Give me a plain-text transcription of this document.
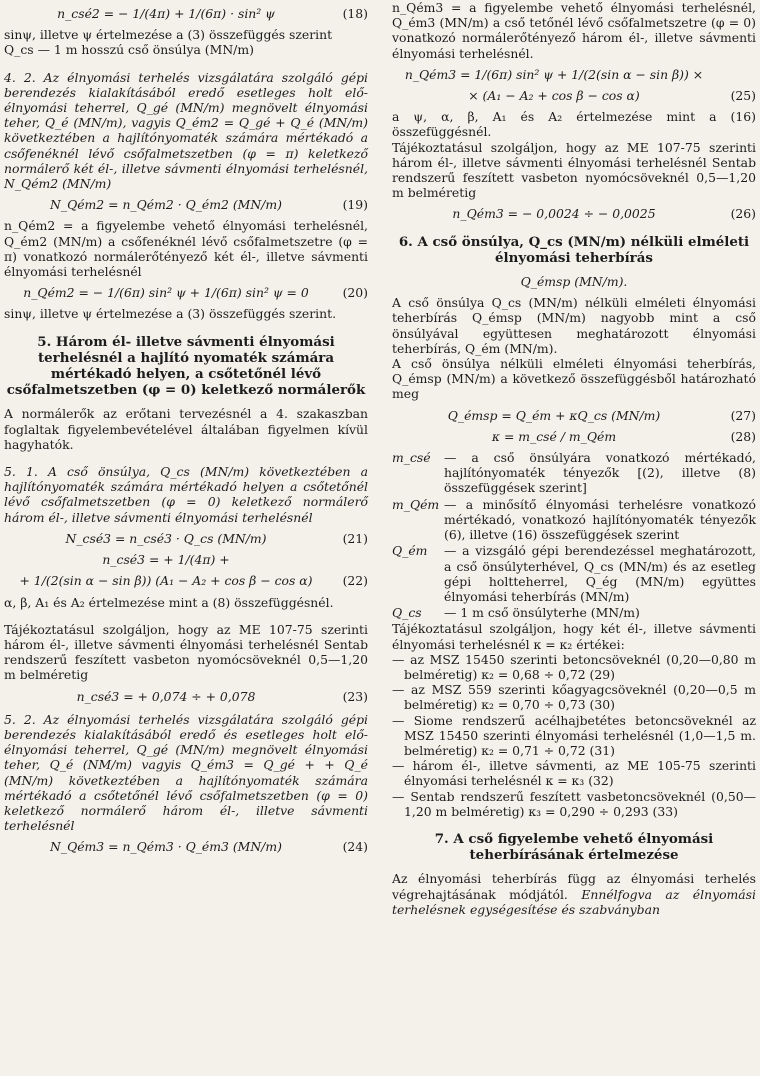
n_csé2 = − 1/(4π) + 1/(6π) · sin² ψ	(18)

sinψ, illetve ψ értelmezése a (3) összefüggés szerint

Q_cs — 1 m hosszú cső önsúlya (MN/m)

4. 2. Az élnyomási terhelés vizsgálatára szolgáló gépi berendezés kialakításából eredő esetleges holt elő-élnyomási teherrel, Q_gé (MN/m) megnövelt élnyomási teher, Q_é (MN/m), vagyis Q_ém2 = Q_gé + Q_é (MN/m) következtében a hajlítónyomaték számára mértékadó a csőfenéknél lévő csőfalmetszetben (φ = π) keletkező normálerő két él-, illetve sávmenti élnyomási terhelésnél, N_Qém2 (MN/m)

N_Qém2 = n_Qém2 · Q_ém2 (MN/m)	(19)

n_Qém2 = a figyelembe vehető élnyomási terhelésnél, Q_ém2 (MN/m) a csőfenéknél lévő csőfalmetszetre (φ = π) vonatkozó normálerőtényező két él-, illetve sávmenti élnyomási terhelésnél

n_Qém2 = − 1/(6π) sin² ψ + 1/(6π) sin² ψ = 0	(20)

sinψ, illetve ψ értelmezése a (3) összefüggés szerint.

5. Három él- illetve sávmenti élnyomási terhelésnél a hajlító nyomaték számára mértékadó helyen, a csőtetőnél lévő csőfalmetszetben (φ = 0) keletkező normálerők

A normálerők az erőtani tervezésnél a 4. szakaszban foglaltak figyelembevételével általában figyelmen kívül hagyhatók.

5. 1. A cső önsúlya, Q_cs (MN/m) következtében a hajlítónyomaték számára mértékadó helyen a csőtetőnél lévő csőfalmetszetben (φ = 0) keletkező normálerő három él-, illetve sávmenti élnyomási terhelésnél

N_csé3 = n_csé3 · Q_cs (MN/m)	(21)
n_csé3 = + 1/(4π) +
+ 1/(2(sin α − sin β)) (A₁ − A₂ + cos β − cos α)	(22)

α, β, A₁ és A₂ értelmezése mint a (8) összefüggésnél.

Tájékoztatásul szolgáljon, hogy az ME 107-75 szerinti három él-, illetve sávmenti élnyomási terhelésnél Sentab rendszerű feszített vasbeton nyomócsöveknél 0,5—1,20 m belméretig

n_csé3 = + 0,074 ÷ + 0,078	(23)

5. 2. Az élnyomási terhelés vizsgálatára szolgáló gépi berendezés kialakításából eredő és esetleges holt elő-élnyomási teherrel, Q_gé (MN/m) megnövelt élnyomási teher, Q_é (NM/m) vagyis Q_ém3 = Q_gé + + Q_é (MN/m) következtében a hajlítónyomaték számára mértékadó a csőtetőnél lévő csőfalmetszetben (φ = 0) keletkező normálerő három él-, illetve sávmenti terhelésnél

N_Qém3 = n_Qém3 · Q_ém3 (MN/m)	(24)

n_Qém3 = a figyelembe vehető élnyomási terhelésnél, Q_ém3 (MN/m) a cső tetőnél lévő csőfalmetszetre (φ = 0) vonatkozó normálerőtényező három él-, illetve sávmenti élnyomási terhelésnél.

n_Qém3 = 1/(6π) sin² ψ + 1/(2(sin α − sin β)) ×
× (A₁ − A₂ + cos β − cos α)	(25)

a ψ, α, β, A₁ és A₂ értelmezése mint a (16) összefüggésnél.

Tájékoztatásul szolgáljon, hogy az ME 107-75 szerinti három él-, illetve sávmenti élnyomási terhelésnél Sentab rendszerű feszített vasbeton nyomócsöveknél 0,5—1,20 m belméretig

n_Qém3 = − 0,0024 ÷ − 0,0025	(26)
6. A cső önsúlya, Q_cs (MN/m) nélküli elméleti élnyomási teherbírás
Q_émsp (MN/m).

A cső önsúlya Q_cs (MN/m) nélküli elméleti élnyomási teherbírás Q_émsp (MN/m) nagyobb mint a cső önsúlyával együttesen meghatározott élnyomási teherbírás, Q_ém (MN/m).

A cső önsúlya nélküli elméleti élnyomási teherbírás, Q_émsp (MN/m) a következő összefüggésből határozható meg

Q_émsp = Q_ém + κQ_cs (MN/m)	(27)
κ = m_csé / m_Qém	(28)
m_csé	— a cső önsúlyára vonatkozó mértékadó, hajlítónyomaték tényezők [(2), illetve (8) összefüggések szerint]
m_Qém — a minősítő élnyomási terhelésre vonatkozó mértékadó, vonatkozó hajlítónyomaték tényezők (6), illetve (16) összefüggések szerint
Q_ém	— a vizsgáló gépi berendezéssel meghatározott, a cső önsúlyterhével, Q_cs (MN/m) és az esetleg gépi holtteherrel, Q_ég (MN/m) együttes élnyomási teherbírás (MN/m)
Q_cs	— 1 m cső önsúlyterhe (MN/m)

Tájékoztatásul szolgáljon, hogy két él-, illetve sávmenti élnyomási terhelésnél κ = κ₂ értékei:

— az MSZ 15450 szerinti betoncsöveknél (0,20—0,80 m belméretig) κ₂ = 0,68 ÷ 0,72 (29)

— az MSZ 559 szerinti kőagyagcsöveknél (0,20—0,5 m belméretig) κ₂ = 0,70 ÷ 0,73 (30)

— Siome rendszerű acélhajbetétes betoncsöveknél az MSZ 15450 szerinti élnyomási terhelésnél (1,0—1,5 m. belméretig) κ₂ = 0,71 ÷ 0,72 (31)

— három él-, illetve sávmenti, az ME 105-75 szerinti élnyomási terhelésnél κ = κ₃ (32)

— Sentab rendszerű feszített vasbetoncsöveknél (0,50—1,20 m belméretig) κ₃ = 0,290 ÷ 0,293 (33)

7. A cső figyelembe vehető élnyomási teherbírásának értelmezése

Az élnyomási teherbírás függ az élnyomási terhelés végrehajtásának módjától. Ennélfogva az élnyomási terhelésnek egységesítése és szabványban
